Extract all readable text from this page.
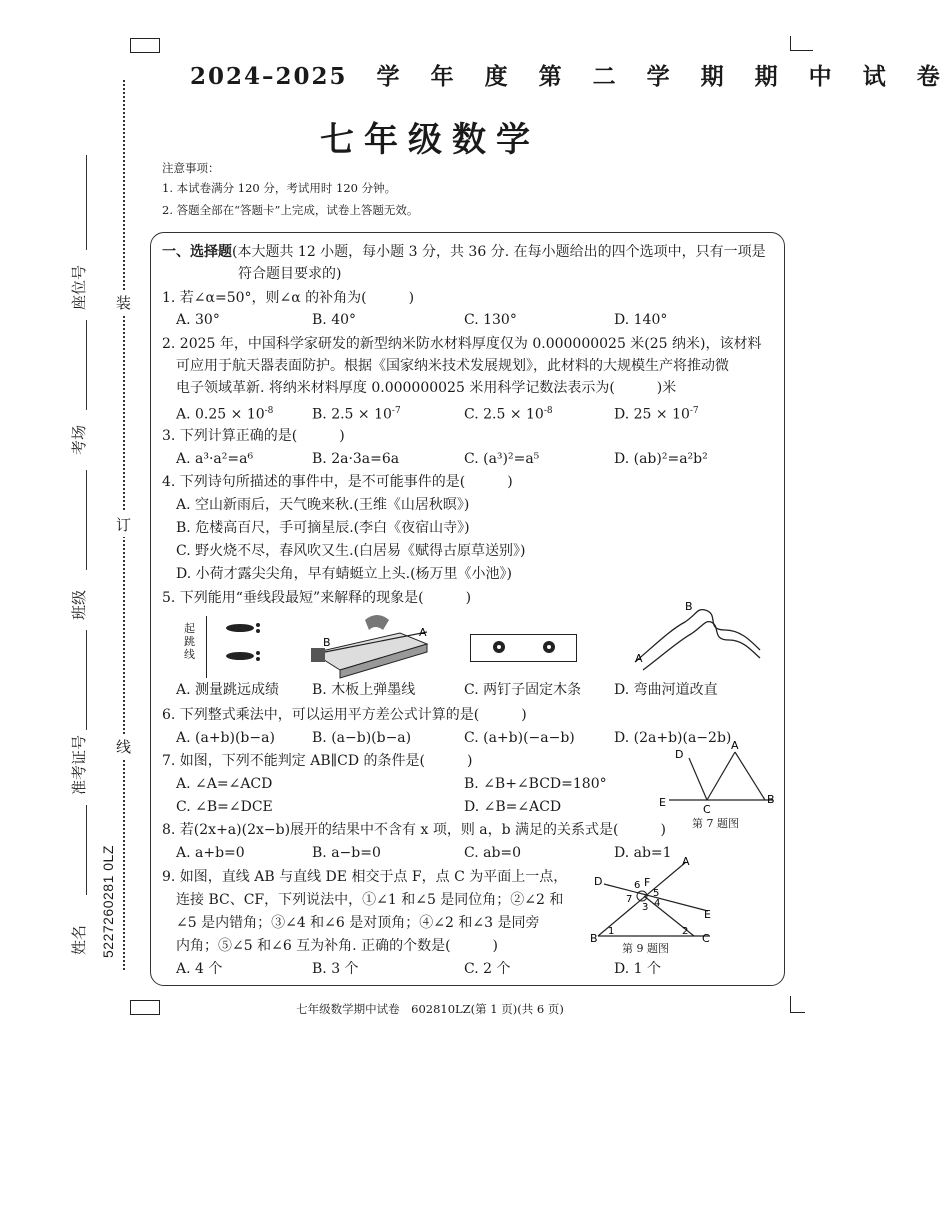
装
订
线
座位号
考场
班级
准考证号
姓名 5227260281 0LZ
2024–2025 学 年 度 第 二 学 期 期 中 试 卷
七年级数学
注意事项：
1. 本试卷满分 120 分，考试用时 120 分钟。
2. 答题全部在“答题卡”上完成，试卷上答题无效。
一、选择题(本大题共 12 小题，每小题 3 分，共 36 分. 在每小题给出的四个选项中，只有一项是
符合题目要求的)
1. 若∠α=50°，则∠α 的补角为(　　　)
A. 30°	B. 40°	C. 130°	D. 140°
2. 2025 年，中国科学家研发的新型纳米防水材料厚度仅为 0.000000025 米(25 纳米)，该材料
可应用于航天器表面防护。根据《国家纳米技术发展规划》，此材料的大规模生产将推动微
电子领域革新. 将纳米材料厚度 0.000000025 米用科学记数法表示为(　　　)米
A. $0.25 \times 10^{-8}$	B. $2.5 \times 10^{-7}$	C. $2.5 \times 10^{-8}$	D. $25 \times 10^{-7}$
3. 下列计算正确的是(　　　)
A. a³·a²=a⁶	B. 2a·3a=6a	C. (a³)²=a⁵	D. (ab)²=a²b²
4. 下列诗句所描述的事件中，是不可能事件的是(　　　)
A. 空山新雨后，天气晚来秋.(王维《山居秋暝》)
B. 危楼高百尺，手可摘星辰.(李白《夜宿山寺》)
C. 野火烧不尽，春风吹又生.(白居易《赋得古原草送别》)
D. 小荷才露尖尖角，早有蜻蜓立上头.(杨万里《小池》)
5. 下列能用“垂线段最短”来解释的现象是(　　　)
起跳线
B
A
B
A
A. 测量跳远成绩 B. 木板上弹墨线	C. 两钉子固定木条 D. 弯曲河道改直
6. 下列整式乘法中，可以运用平方差公式计算的是(　　　)
A. (a+b)(b−a)	B. (a−b)(b−a)	C. (a+b)(−a−b)	D. (2a+b)(a−2b)
7. 如图，下列不能判定 AB∥CD 的条件是(　　　)
A. ∠A=∠ACD	B. ∠B+∠BCD=180°
C. ∠B=∠DCE	D. ∠B=∠ACD
D
A
E
C
B
第 7 题图
8. 若(2x+a)(2x−b)展开的结果中不含有 x 项，则 a，b 满足的关系式是(　　　)
A. a+b=0	B. a−b=0	C. ab=0	D. ab=1
9. 如图，直线 AB 与直线 DE 相交于点 F，点 C 为平面上一点，
连接 BC、CF，下列说法中，①∠1 和∠5 是同位角；②∠2 和
∠5 是内错角；③∠4 和∠6 是对顶角；④∠2 和∠3 是同旁
内角；⑤∠5 和∠6 互为补角. 正确的个数是(　　　)
A. 4 个	B. 3 个	C. 2 个	D. 1 个
A
D	F
E
B	C
6
7
5
4
3
1	2
第 9 题图
七年级数学期中试卷　602810LZ(第 1 页)(共 6 页)
